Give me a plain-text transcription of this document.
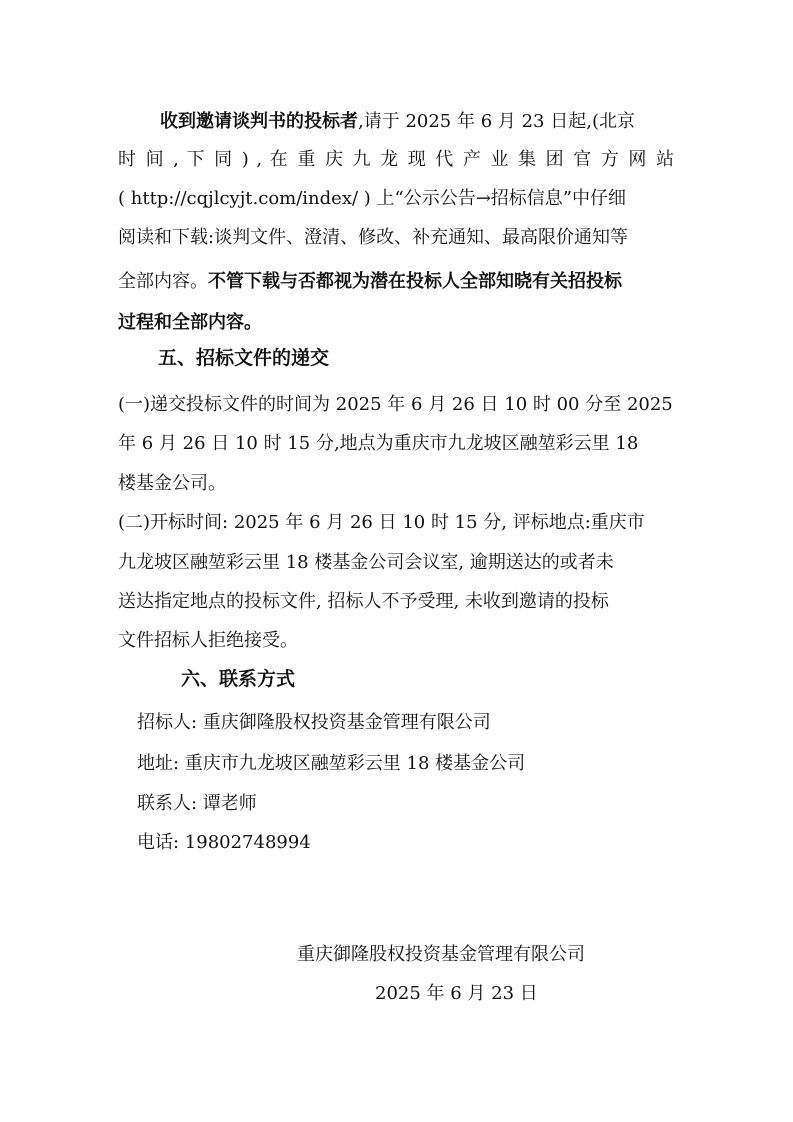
收到邀请谈判书的投标者,请于 2025 年 6 月 23 日起,(北京
时 间 , 下 同 ) , 在 重 庆 九 龙 现 代 产 业 集 团 官 方 网 站
( http://cqjlcyjt.com/index/ ) 上“公示公告→招标信息”中仔细
阅读和下载:谈判文件、澄清、修改、补充通知、最高限价通知等
全部内容。不管下载与否都视为潜在投标人全部知晓有关招投标
过程和全部内容。
五、招标文件的递交
(一)递交投标文件的时间为 2025 年 6 月 26 日 10 时 00 分至 2025
年 6 月 26 日 10 时 15 分,地点为重庆市九龙坡区融堃彩云里 18
楼基金公司。
(二)开标时间: 2025 年 6 月 26 日 10 时 15 分, 评标地点:重庆市
九龙坡区融堃彩云里 18 楼基金公司会议室, 逾期送达的或者未
送达指定地点的投标文件, 招标人不予受理, 未收到邀请的投标
文件招标人拒绝接受。
六、联系方式
招标人: 重庆御隆股权投资基金管理有限公司
地址: 重庆市九龙坡区融堃彩云里 18 楼基金公司
联系人: 谭老师
电话: 19802748994
重庆御隆股权投资基金管理有限公司
2025 年 6 月 23 日
